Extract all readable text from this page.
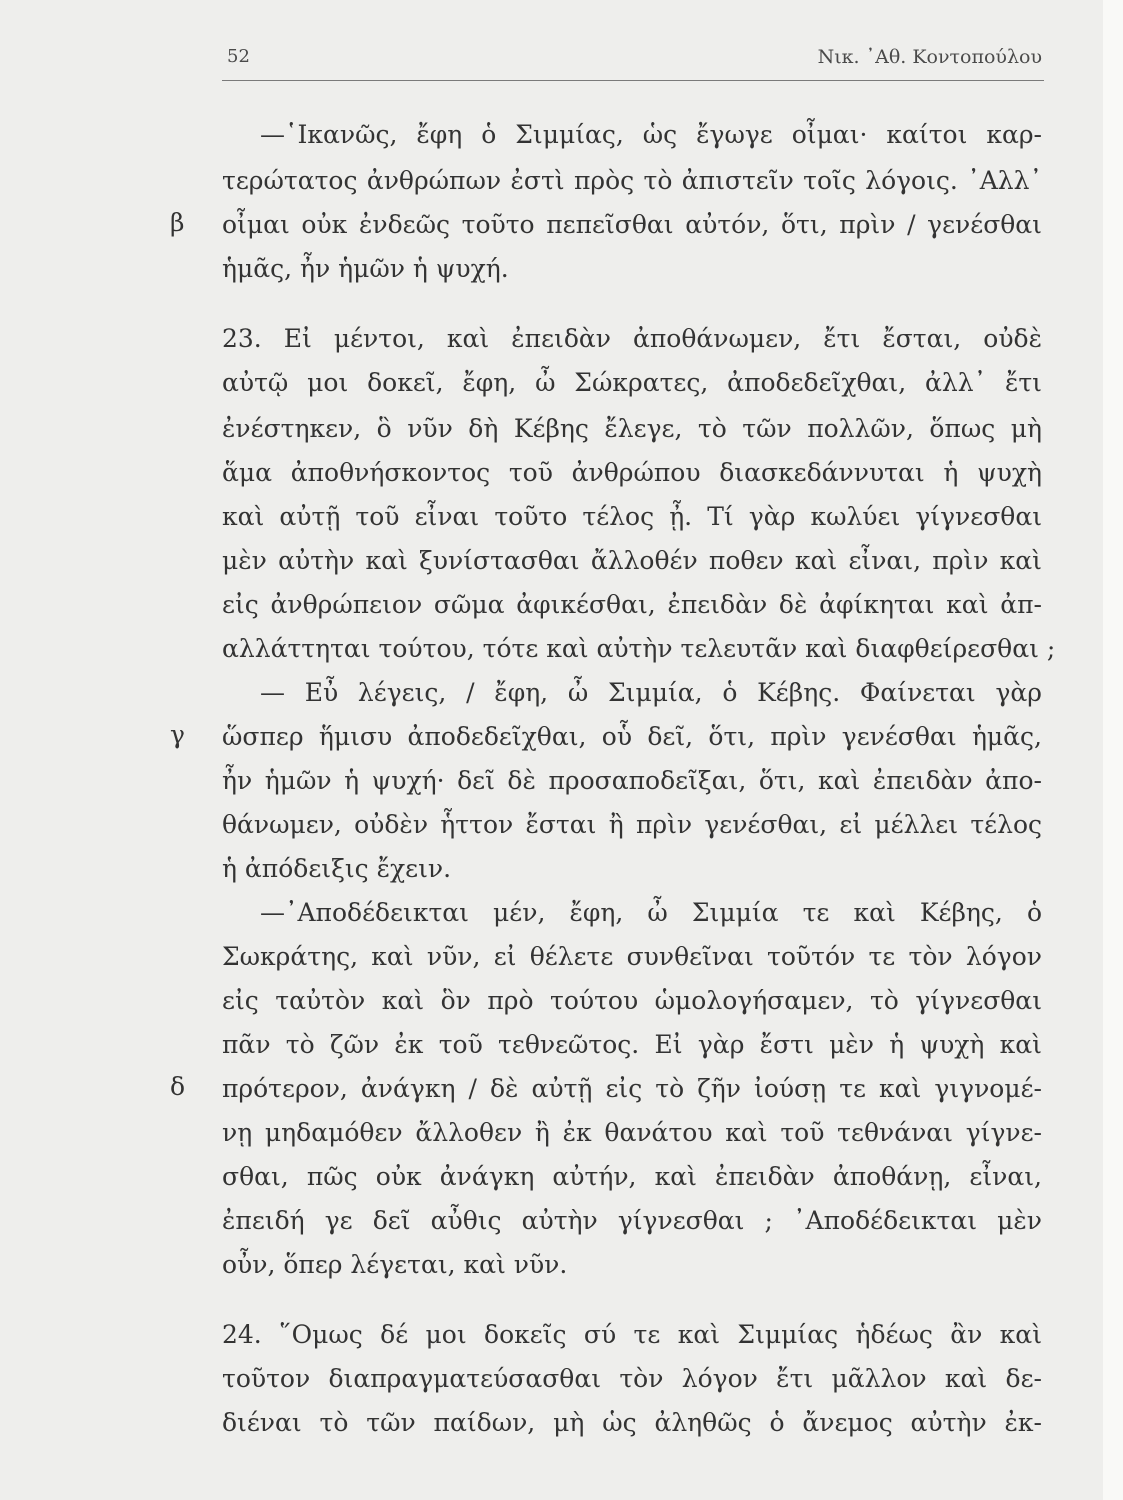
52	Νικ. ᾿Αθ. Κοντοπούλου
—῾Ικανῶς, ἔφη ὁ Σιμμίας, ὡς ἔγωγε οἶμαι· καίτοι καρ-
τερώτατος ἀνθρώπων ἐστὶ πρὸς τὸ ἀπιστεῖν τοῖς λόγοις. ᾿Αλλ᾿
β	οἶμαι οὐκ ἐνδεῶς τοῦτο πεπεῖσθαι αὐτόν, ὅτι, πρὶν / γενέσθαι
ἡμᾶς, ἦν ἡμῶν ἡ ψυχή.
23. Εἰ μέντοι, καὶ ἐπειδὰν ἀποθάνωμεν, ἔτι ἔσται, οὐδὲ
αὐτῷ μοι δοκεῖ, ἔφη, ὦ Σώκρατες, ἀποδεδεῖχθαι, ἀλλ᾿ ἔτι
ἐνέστηκεν, ὃ νῦν δὴ Κέβης ἔλεγε, τὸ τῶν πολλῶν, ὅπως μὴ
ἅμα ἀποθνήσκοντος τοῦ ἀνθρώπου διασκεδάννυται ἡ ψυχὴ
καὶ αὐτῇ τοῦ εἶναι τοῦτο τέλος ᾖ. Τί γὰρ κωλύει γίγνεσθαι
μὲν αὐτὴν καὶ ξυνίστασθαι ἄλλοθέν ποθεν καὶ εἶναι, πρὶν καὶ
εἰς ἀνθρώπειον σῶμα ἀφικέσθαι, ἐπειδὰν δὲ ἀφίκηται καὶ ἀπ-
αλλάττηται τούτου, τότε καὶ αὐτὴν τελευτᾶν καὶ διαφθείρεσθαι ;
— Εὖ λέγεις, / ἔφη, ὦ Σιμμία, ὁ Κέβης. Φαίνεται γὰρ
γ	ὥσπερ ἥμισυ ἀποδεδεῖχθαι, οὗ δεῖ, ὅτι, πρὶν γενέσθαι ἡμᾶς,
ἦν ἡμῶν ἡ ψυχή· δεῖ δὲ προσαποδεῖξαι, ὅτι, καὶ ἐπειδὰν ἀπο-
θάνωμεν, οὐδὲν ἧττον ἔσται ἢ πρὶν γενέσθαι, εἰ μέλλει τέλος
ἡ ἀπόδειξις ἔχειν.
—᾿Αποδέδεικται μέν, ἔφη, ὦ Σιμμία τε καὶ Κέβης, ὁ
Σωκράτης, καὶ νῦν, εἰ θέλετε συνθεῖναι τοῦτόν τε τὸν λόγον
εἰς ταὐτὸν καὶ ὃν πρὸ τούτου ὡμολογήσαμεν, τὸ γίγνεσθαι
πᾶν τὸ ζῶν ἐκ τοῦ τεθνεῶτος. Εἰ γὰρ ἔστι μὲν ἡ ψυχὴ καὶ
δ	πρότερον, ἀνάγκη / δὲ αὐτῇ εἰς τὸ ζῆν ἰούσῃ τε καὶ γιγνομέ-
νῃ μηδαμόθεν ἄλλοθεν ἢ ἐκ θανάτου καὶ τοῦ τεθνάναι γίγνε-
σθαι, πῶς οὐκ ἀνάγκη αὐτήν, καὶ ἐπειδὰν ἀποθάνῃ, εἶναι,
ἐπειδή γε δεῖ αὖθις αὐτὴν γίγνεσθαι ; ᾿Αποδέδεικται μὲν
οὖν, ὅπερ λέγεται, καὶ νῦν.
24. ῞Ομως δέ μοι δοκεῖς σύ τε καὶ Σιμμίας ἡδέως ἂν καὶ
τοῦτον διαπραγματεύσασθαι τὸν λόγον ἔτι μᾶλλον καὶ δε-
διέναι τὸ τῶν παίδων, μὴ ὡς ἀληθῶς ὁ ἄνεμος αὐτὴν ἐκ-
